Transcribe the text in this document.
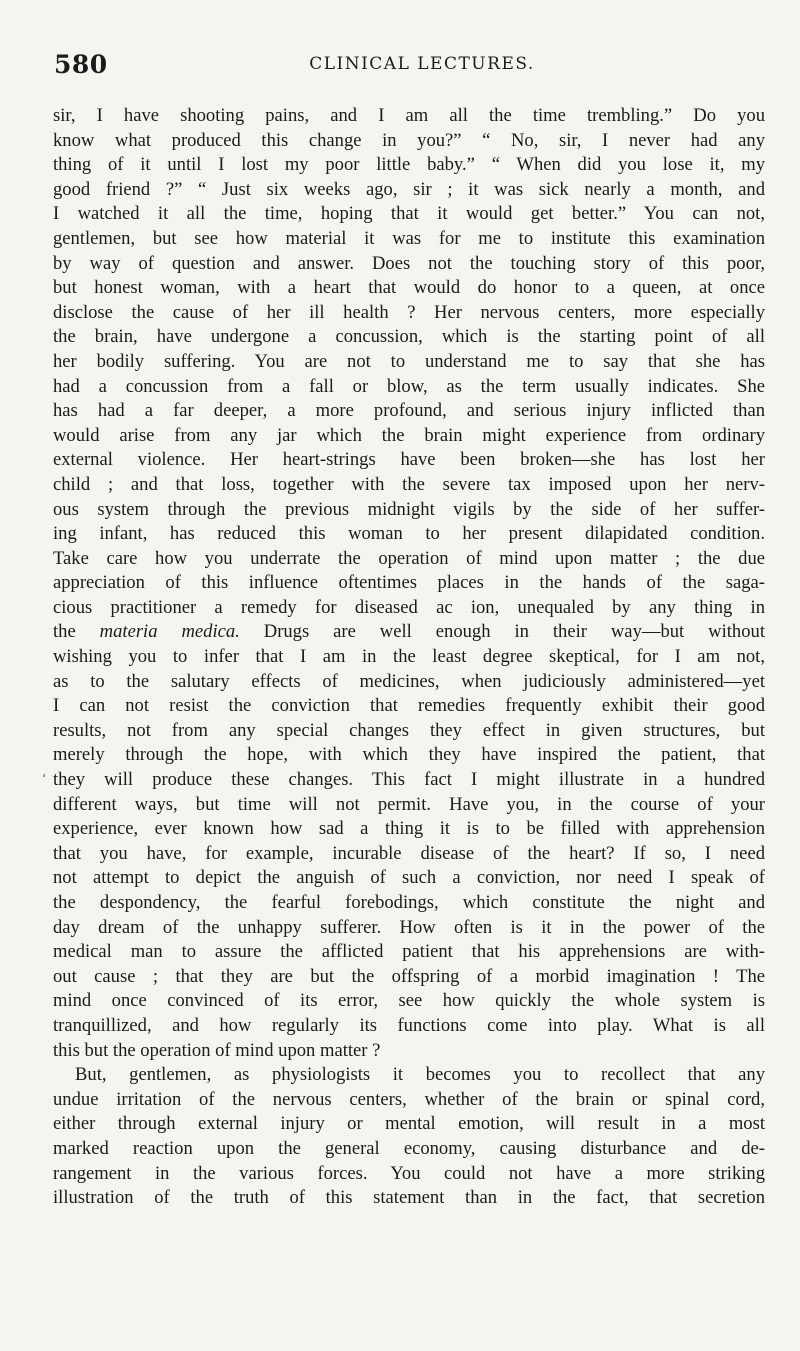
580	CLINICAL LECTURES.
‘
sir, I have shooting pains, and I am all the time trembling.” Do you
know what produced this change in you?” “ No, sir, I never had any
thing of it until I lost my poor little baby.” “ When did you lose it, my
good friend ?” “ Just six weeks ago, sir ; it was sick nearly a month, and
I watched it all the time, hoping that it would get better.” You can not,
gentlemen, but see how material it was for me to institute this examination
by way of question and answer. Does not the touching story of this poor,
but honest woman, with a heart that would do honor to a queen, at once
disclose the cause of her ill health ? Her nervous centers, more especially
the brain, have undergone a concussion, which is the starting point of all
her bodily suffering. You are not to understand me to say that she has
had a concussion from a fall or blow, as the term usually indicates. She
has had a far deeper, a more profound, and serious injury inflicted than
would arise from any jar which the brain might experience from ordinary
external violence. Her heart-strings have been broken—she has lost her
child ; and that loss, together with the severe tax imposed upon her nerv-
ous system through the previous midnight vigils by the side of her suffer-
ing infant, has reduced this woman to her present dilapidated condition.
Take care how you underrate the operation of mind upon matter ; the due
appreciation of this influence oftentimes places in the hands of the saga-
cious practitioner a remedy for diseased ac ion, unequaled by any thing in
the materia medica. Drugs are well enough in their way—but without
wishing you to infer that I am in the least degree skeptical, for I am not,
as to the salutary effects of medicines, when judiciously administered—yet
I can not resist the conviction that remedies frequently exhibit their good
results, not from any special changes they effect in given structures, but
merely through the hope, with which they have inspired the patient, that
they will produce these changes. This fact I might illustrate in a hundred
different ways, but time will not permit. Have you, in the course of your
experience, ever known how sad a thing it is to be filled with apprehension
that you have, for example, incurable disease of the heart? If so, I need
not attempt to depict the anguish of such a conviction, nor need I speak of
the despondency, the fearful forebodings, which constitute the night and
day dream of the unhappy sufferer. How often is it in the power of the
medical man to assure the afflicted patient that his apprehensions are with-
out cause ; that they are but the offspring of a morbid imagination ! The
mind once convinced of its error, see how quickly the whole system is
tranquillized, and how regularly its functions come into play. What is all
this but the operation of mind upon matter ?
But, gentlemen, as physiologists it becomes you to recollect that any
undue irritation of the nervous centers, whether of the brain or spinal cord,
either through external injury or mental emotion, will result in a most
marked reaction upon the general economy, causing disturbance and de-
rangement in the various forces. You could not have a more striking
illustration of the truth of this statement than in the fact, that secretion
